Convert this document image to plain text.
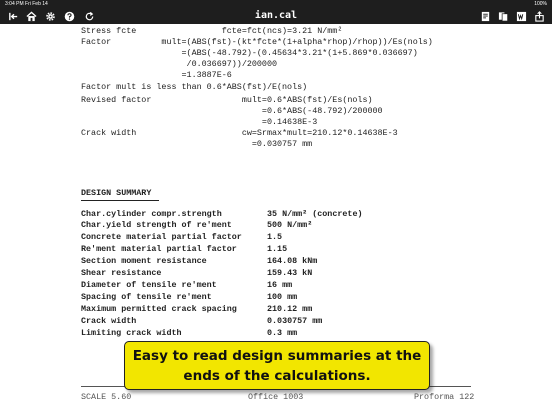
3:04 PM Fri Feb 14	100%
ian.cal
Stress fcte                 fcte=fct(ncs)=3.21 N/mm²
Factor          mult=(ABS(fst)-(kt*fcte*(1+alpha*rhop)/rhop))/Es(nols)
=(ABS(-48.792)-(0.45634*3.21*(1+5.869*0.036697)
/0.036697))/200000
=1.3887E-6
Factor mult is less than 0.6*ABS(fst)/E(nols)
Revised factor                  mult=0.6*ABS(fst)/Es(nols)
=0.6*ABS(-48.792)/200000
=0.14638E-3
Crack width                     cw=Srmax*mult=210.12*0.14638E-3
=0.030757 mm
DESIGN SUMMARY
Char.cylinder compr.strength	35 N/mm² (concrete)
Char.yield strength of re'ment	500 N/mm²
Concrete material partial factor	1.5
Re'ment material partial factor	1.15
Section moment resistance	164.08 kNm
Shear resistance	159.43 kN
Diameter of tensile re'ment	16 mm
Spacing of tensile re'ment	100 mm
Maximum permitted crack spacing	210.12 mm
Crack width	0.030757 mm
Limiting crack width	0.3 mm
SCALE 5.60	Office 1003	Proforma 122
Easy to read design summaries at the
ends of the calculations.
